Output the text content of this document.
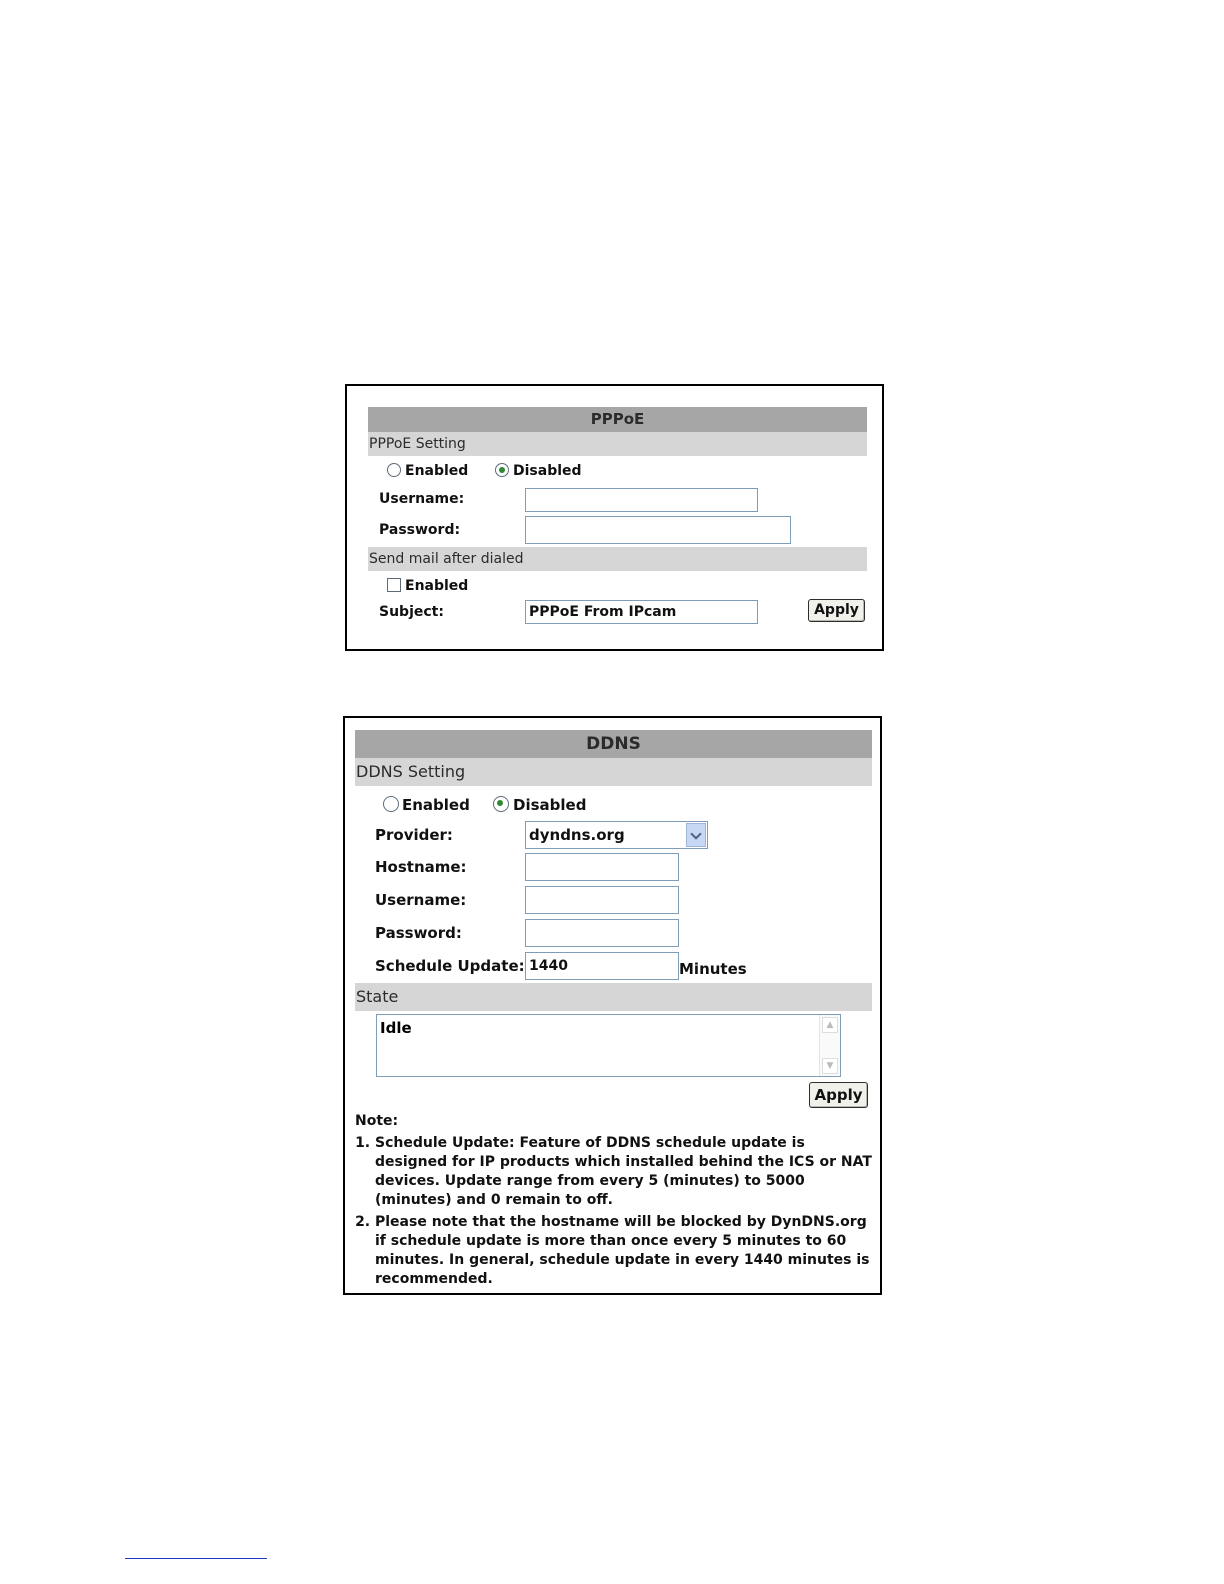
PPPoE
PPPoE Setting
Enabled	Disabled
Username:
Password:
Send mail after dialed
Enabled
Subject:	PPPoE From IPcam	Apply
DDNS
DDNS Setting
Enabled	Disabled
Provider:	dyndns.org
Hostname:
Username:
Password:
Schedule Update: 1440	Minutes
State
Idle	▲
▼
Apply
Note:
1. Schedule Update: Feature of DDNS schedule update is designed for IP products which installed behind the ICS or NAT devices. Update range from every 5 (minutes) to 5000 (minutes) and 0 remain to off.
2. Please note that the hostname will be blocked by DynDNS.org if schedule update is more than once every 5 minutes to 60 minutes. In general, schedule update in every 1440 minutes is recommended.
